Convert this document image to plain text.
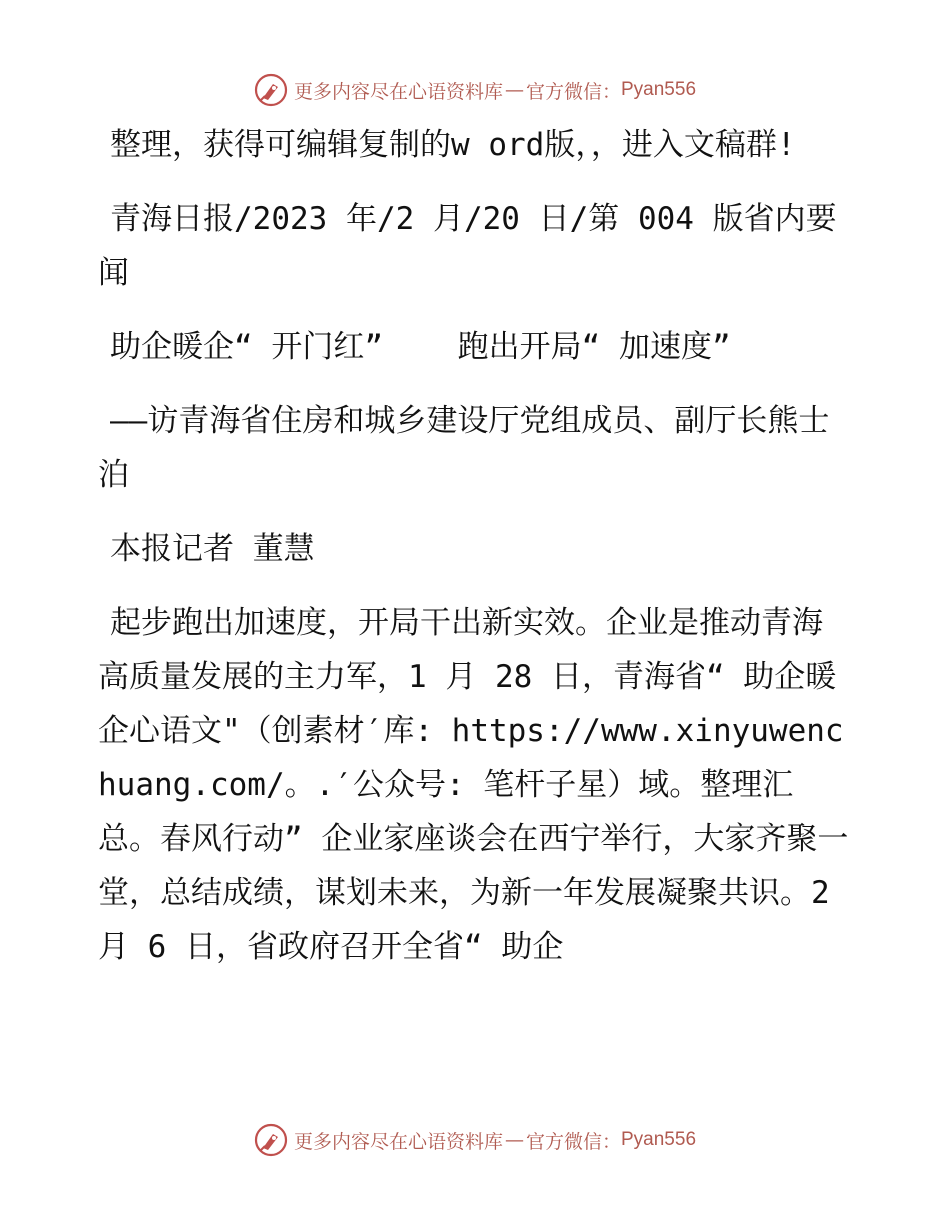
更多内容尽在心语资料库 — 官方微信： Pyan556

整理，获得可编辑复制的w ord版，，进入文稿群!

青海日报/2023 年/2 月/20 日/第 004 版省内要闻

助企暖企“ 开门红”    跑出开局“ 加速度”

——访青海省住房和城乡建设厅党组成员、副厅长熊士泊

本报记者 董慧

起步跑出加速度，开局干出新实效。企业是推动青海高质量发展的主力军，1 月 28 日，青海省“ 助企暖企心语文"（创素材′库: https://www.xinyuwenchuang.com/。.′公众号: 笔杆子星）域。整理汇总。春风行动” 企业家座谈会在西宁举行，大家齐聚一堂，总结成绩，谋划未来，为新一年发展凝聚共识。2 月 6 日，省政府召开全省“ 助企

更多内容尽在心语资料库 — 官方微信： Pyan556
